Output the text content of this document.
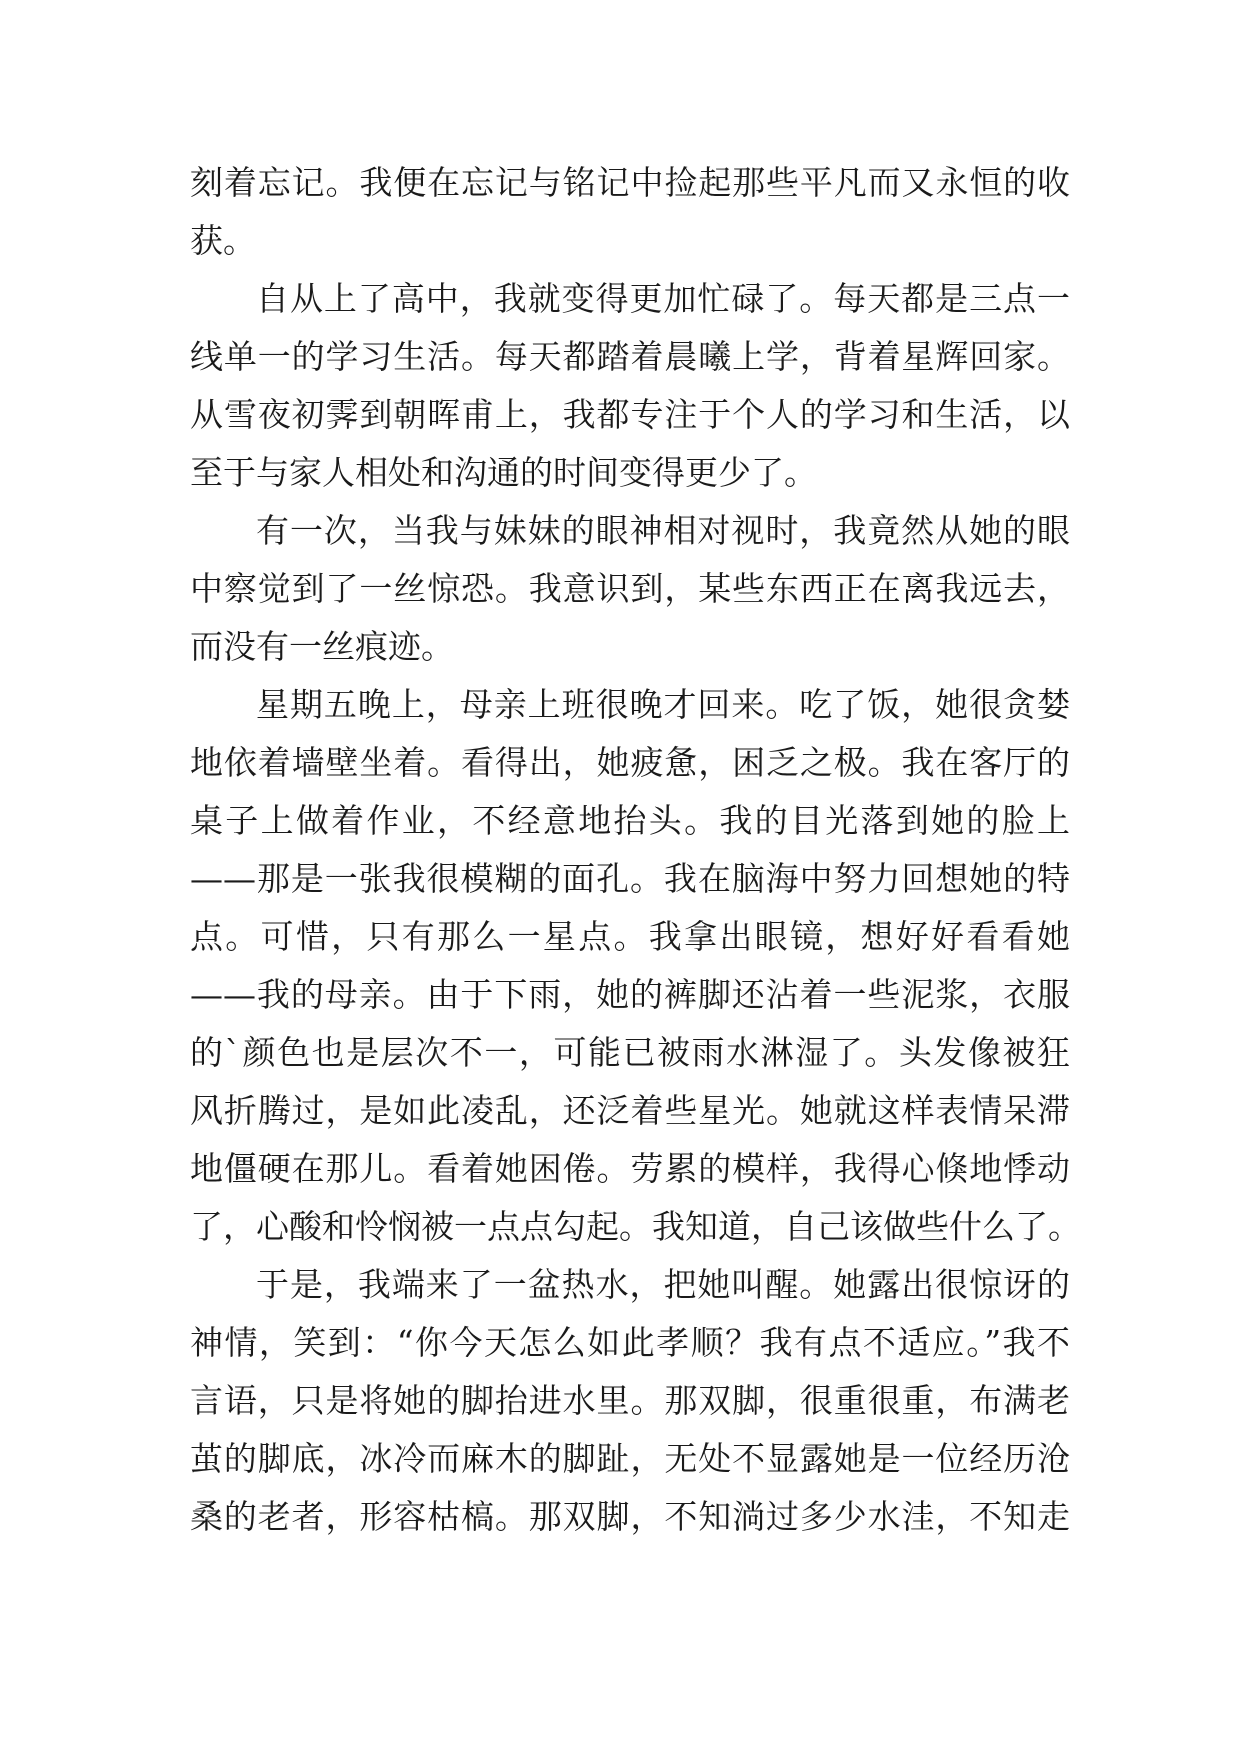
刻着忘记。我便在忘记与铭记中捡起那些平凡而又永恒的收
获。
自从上了高中，我就变得更加忙碌了。每天都是三点一
线单一的学习生活。每天都踏着晨曦上学，背着星辉回家。
从雪夜初霁到朝晖甫上，我都专注于个人的学习和生活，以
至于与家人相处和沟通的时间变得更少了。
有一次，当我与妹妹的眼神相对视时，我竟然从她的眼
中察觉到了一丝惊恐。我意识到，某些东西正在离我远去，
而没有一丝痕迹。
星期五晚上，母亲上班很晚才回来。吃了饭，她很贪婪
地依着墙壁坐着。看得出，她疲惫，困乏之极。我在客厅的
桌子上做着作业，不经意地抬头。我的目光落到她的脸上
——那是一张我很模糊的面孔。我在脑海中努力回想她的特
点。可惜，只有那么一星点。我拿出眼镜，想好好看看她
——我的母亲。由于下雨，她的裤脚还沾着一些泥浆，衣服
的`颜色也是层次不一，可能已被雨水淋湿了。头发像被狂
风折腾过，是如此凌乱，还泛着些星光。她就这样表情呆滞
地僵硬在那儿。看着她困倦。劳累的模样，我得心倏地悸动
了，心酸和怜悯被一点点勾起。我知道，自己该做些什么了。
于是，我端来了一盆热水，把她叫醒。她露出很惊讶的
神情，笑到：“你今天怎么如此孝顺？我有点不适应。”我不
言语，只是将她的脚抬进水里。那双脚，很重很重，布满老
茧的脚底，冰冷而麻木的脚趾，无处不显露她是一位经历沧
桑的老者，形容枯槁。那双脚，不知淌过多少水洼，不知走
